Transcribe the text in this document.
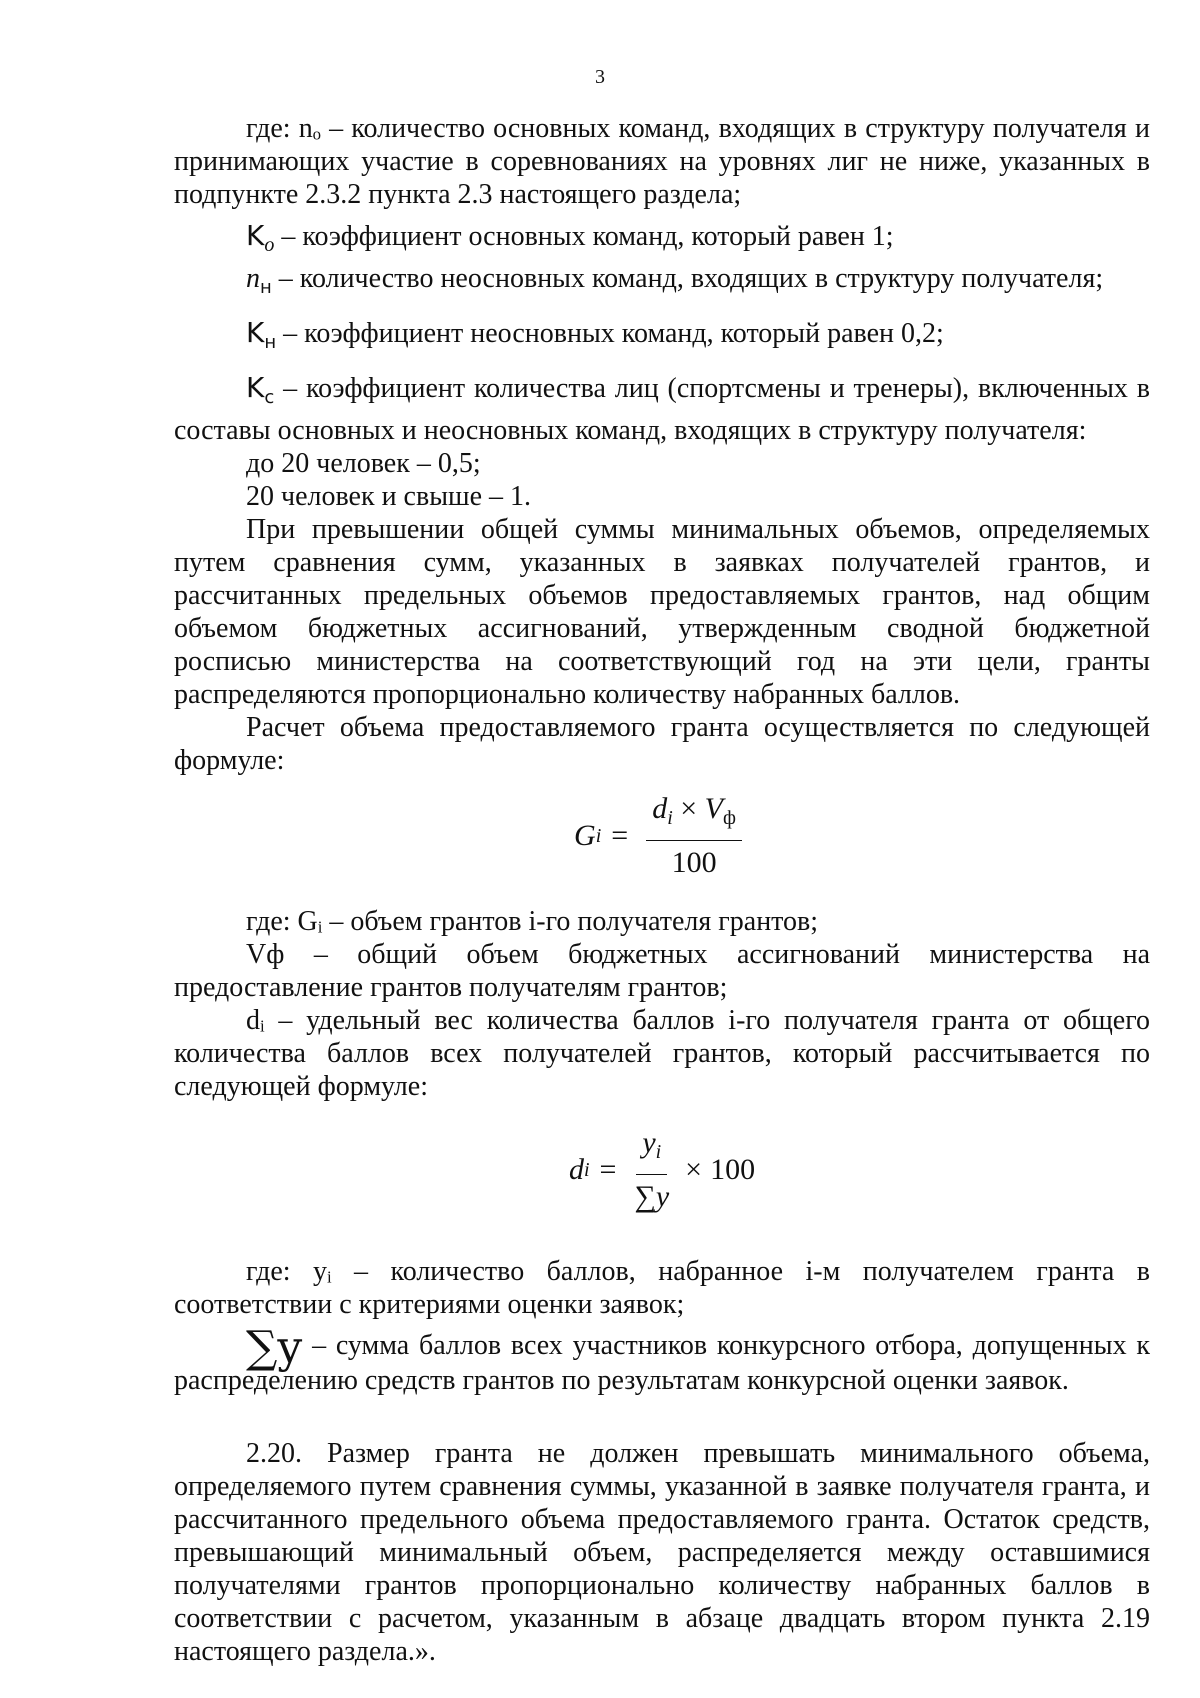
3

где: nₒ – количество основных команд, входящих в структуру получателя и принимающих участие в соревнованиях на уровнях лиг не ниже, указанных в подпункте 2.3.2 пункта 2.3 настоящего раздела;

$K_o$ – коэффициент основных команд, который равен 1;

$n_н$ – количество неосновных команд, входящих в структуру получателя;

$K_н$ – коэффициент неосновных команд, который равен 0,2;

$K_с$ – коэффициент количества лиц (спортсмены и тренеры), включенных в составы основных и неосновных команд, входящих в структуру получателя:

до 20 человек – 0,5;

20 человек и свыше – 1.

При превышении общей суммы минимальных объемов, определяемых путем сравнения сумм, указанных в заявках получателей грантов, и рассчитанных предельных объемов предоставляемых грантов, над общим объемом бюджетных ассигнований, утвержденным сводной бюджетной росписью министерства на соответствующий год на эти цели, гранты распределяются пропорционально количеству набранных баллов.

Расчет объема предоставляемого гранта осуществляется по следующей формуле:

G $i = \frac{d_i \times V_ф}{100}$

где: Gᵢ – объем грантов i-го получателя грантов;

Vф – общий объем бюджетных ассигнований министерства на предоставление грантов получателям грантов;

dᵢ – удельный вес количества баллов i-го получателя гранта от общего количества баллов всех получателей грантов, который рассчитывается по следующей формуле:

d $i = \frac{y_i}{\sum y} \times 100$

где: yᵢ – количество баллов, набранное i-м получателем гранта в соответствии с критериями оценки заявок;

∑y – сумма баллов всех участников конкурсного отбора, допущенных к распределению средств грантов по результатам конкурсной оценки заявок.

2.20. Размер гранта не должен превышать минимального объема, определяемого путем сравнения суммы, указанной в заявке получателя гранта, и рассчитанного предельного объема предоставляемого гранта. Остаток средств, превышающий минимальный объем, распределяется между оставшимися получателями грантов пропорционально количеству набранных баллов в соответствии с расчетом, указанным в абзаце двадцать втором пункта 2.19 настоящего раздела.».
